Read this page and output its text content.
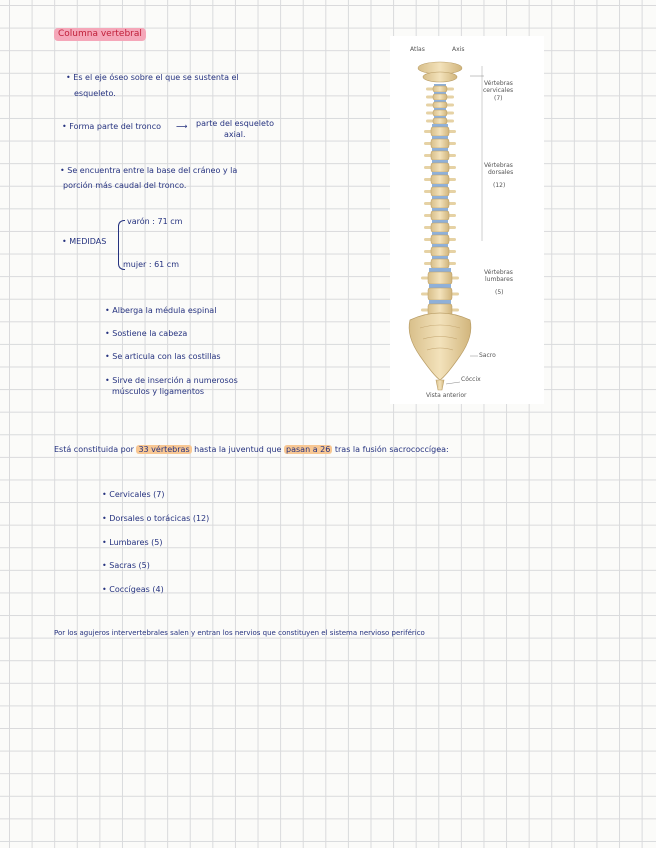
Columna vertebral
• Es el eje óseo sobre el que se sustenta el
esqueleto.
• Forma parte del tronco ⟶ parte del esqueleto
axial.
• Se encuentra entre la base del cráneo y la
porción más caudal del tronco.
• MEDIDAS
varón : 71 cm
mujer : 61 cm
• Alberga la médula espinal
• Sostiene la cabeza
• Se articula con las costillas
• Sirve de inserción a numerosos
músculos y ligamentos
Atlas	Axis
Vértebras
cervicales
(7)
Vértebras
dorsales
(12)
Vértebras
lumbares
(5)
Sacro
Cóccix
Vista anterior
Está constituida por 33 vértebras hasta la juventud que pasan a 26 tras la fusión sacrococcígea:
• Cervicales (7)
• Dorsales o torácicas (12)
• Lumbares (5)
• Sacras (5)
• Coccígeas (4)
Por los agujeros intervertebrales salen y entran los nervios que constituyen el sistema nervioso periférico
